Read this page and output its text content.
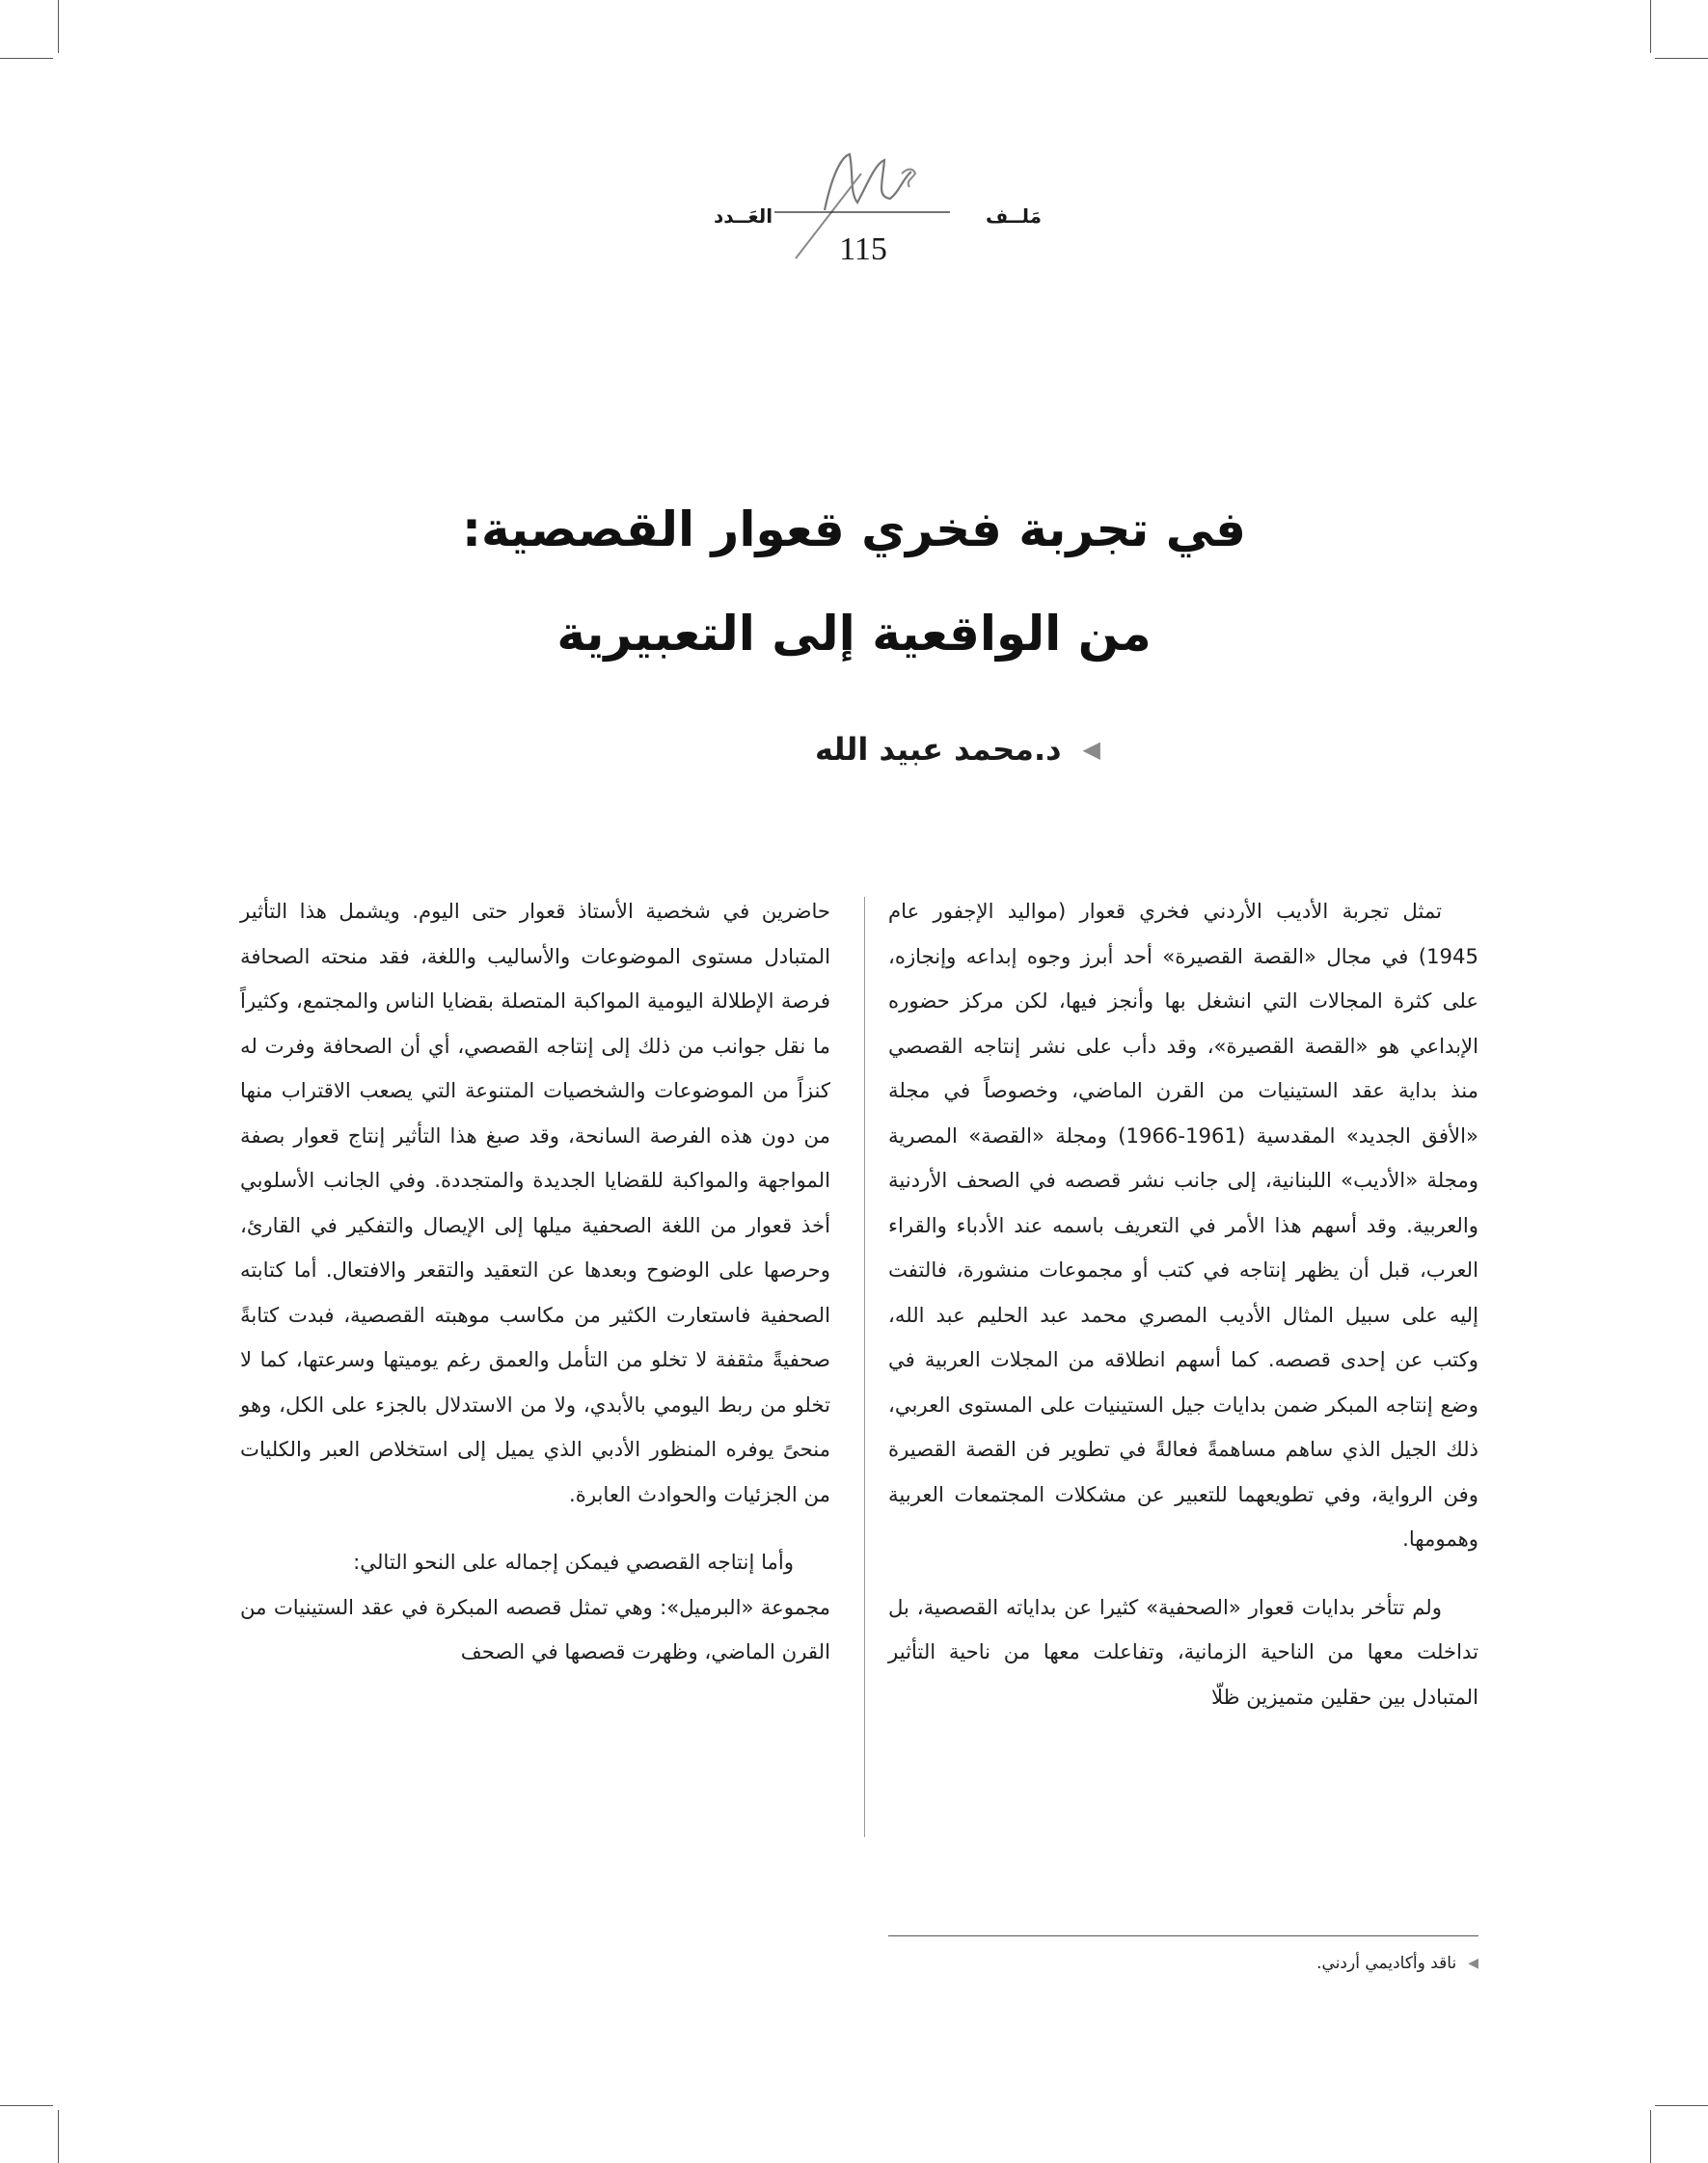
مَلــف
العَــدد
115
في تجربة فخري قعوار القصصية:
من الواقعية إلى التعبيرية
◀
د.محمد عبيد الله

تمثل تجربة الأديب الأردني فخري قعوار (مواليد الإجفور عام 1945) في مجال «القصة القصيرة» أحد أبرز وجوه إبداعه وإنجازه، على كثرة المجالات التي انشغل بها وأنجز فيها، لكن مركز حضوره الإبداعي هو «القصة القصيرة»، وقد دأب على نشر إنتاجه القصصي منذ بداية عقد الستينيات من القرن الماضي، وخصوصاً في مجلة «الأفق الجديد» المقدسية (1961-1966) ومجلة «القصة» المصرية ومجلة «الأديب» اللبنانية، إلى جانب نشر قصصه في الصحف الأردنية والعربية. وقد أسهم هذا الأمر في التعريف باسمه عند الأدباء والقراء العرب، قبل أن يظهر إنتاجه في كتب أو مجموعات منشورة، فالتفت إليه على سبيل المثال الأديب المصري محمد عبد الحليم عبد الله، وكتب عن إحدى قصصه. كما أسهم انطلاقه من المجلات العربية في وضع إنتاجه المبكر ضمن بدايات جيل الستينيات على المستوى العربي، ذلك الجيل الذي ساهم مساهمةً فعالةً في تطوير فن القصة القصيرة وفن الرواية، وفي تطويعهما للتعبير عن مشكلات المجتمعات العربية وهمومها.

ولم تتأخر بدايات قعوار «الصحفية» كثيرا عن بداياته القصصية، بل تداخلت معها من الناحية الزمانية، وتفاعلت معها من ناحية التأثير المتبادل بين حقلين متميزين ظلّا

حاضرين في شخصية الأستاذ قعوار حتى اليوم. ويشمل هذا التأثير المتبادل مستوى الموضوعات والأساليب واللغة، فقد منحته الصحافة فرصة الإطلالة اليومية المواكبة المتصلة بقضايا الناس والمجتمع، وكثيراً ما نقل جوانب من ذلك إلى إنتاجه القصصي، أي أن الصحافة وفرت له كنزاً من الموضوعات والشخصيات المتنوعة التي يصعب الاقتراب منها من دون هذه الفرصة السانحة، وقد صبغ هذا التأثير إنتاج قعوار بصفة المواجهة والمواكبة للقضايا الجديدة والمتجددة. وفي الجانب الأسلوبي أخذ قعوار من اللغة الصحفية ميلها إلى الإيصال والتفكير في القارئ، وحرصها على الوضوح وبعدها عن التعقيد والتقعر والافتعال. أما كتابته الصحفية فاستعارت الكثير من مكاسب موهبته القصصية، فبدت كتابةً صحفيةً مثقفة لا تخلو من التأمل والعمق رغم يوميتها وسرعتها، كما لا تخلو من ربط اليومي بالأبدي، ولا من الاستدلال بالجزء على الكل، وهو منحىً يوفره المنظور الأدبي الذي يميل إلى استخلاص العبر والكليات من الجزئيات والحوادث العابرة.

وأما إنتاجه القصصي فيمكن إجماله على النحو التالي:

مجموعة «البرميل»: وهي تمثل قصصه المبكرة في عقد الستينيات من القرن الماضي، وظهرت قصصها في الصحف

◀
ناقد وأكاديمي أردني.
